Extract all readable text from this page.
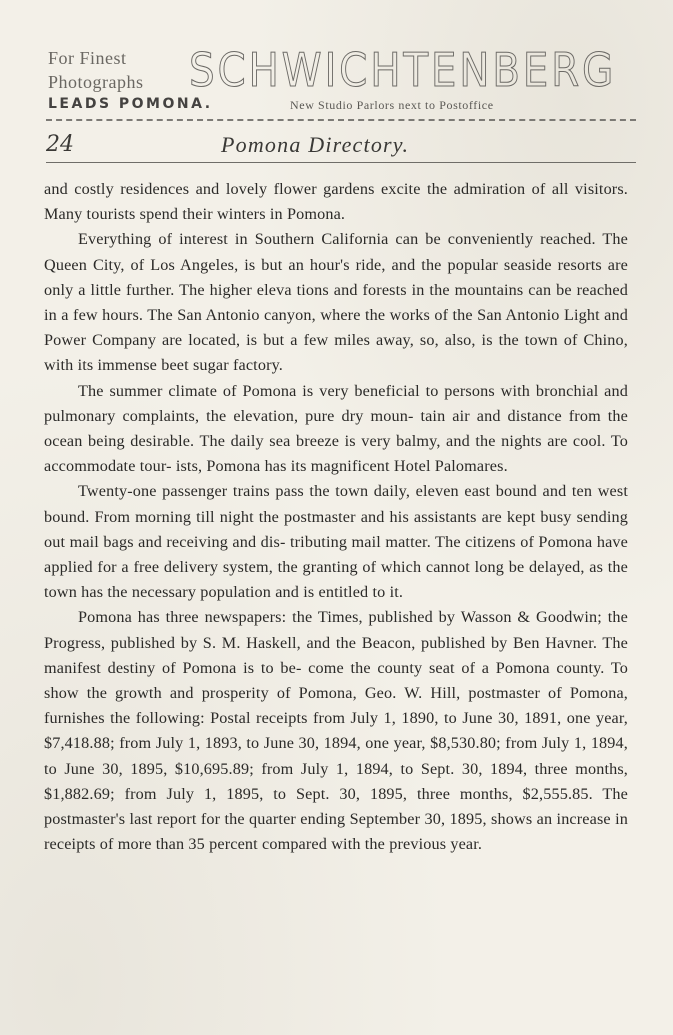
For Finest
Photographs
LEADS POMONA.
SCHWICHTENBERG
New Studio Parlors next to Postoffice
24	Pomona Directory.

and costly residences and lovely flower gardens excite the admiration of all visitors. Many tourists spend their winters in Pomona.

Everything of interest in Southern California can be conveniently reached. The Queen City, of Los Angeles, is but an hour's ride, and the popular seaside resorts are only a little further. The higher eleva tions and forests in the mountains can be reached in a few hours. The San Antonio canyon, where the works of the San Antonio Light and Power Company are located, is but a few miles away, so, also, is the town of Chino, with its immense beet sugar factory.

The summer climate of Pomona is very beneficial to persons with bronchial and pulmonary complaints, the elevation, pure dry moun- tain air and distance from the ocean being desirable. The daily sea breeze is very balmy, and the nights are cool. To accommodate tour- ists, Pomona has its magnificent Hotel Palomares.

Twenty-one passenger trains pass the town daily, eleven east bound and ten west bound. From morning till night the postmaster and his assistants are kept busy sending out mail bags and receiving and dis- tributing mail matter. The citizens of Pomona have applied for a free delivery system, the granting of which cannot long be delayed, as the town has the necessary population and is entitled to it.

Pomona has three newspapers: the Times, published by Wasson & Goodwin; the Progress, published by S. M. Haskell, and the Beacon, published by Ben Havner. The manifest destiny of Pomona is to be- come the county seat of a Pomona county. To show the growth and prosperity of Pomona, Geo. W. Hill, postmaster of Pomona, furnishes the following: Postal receipts from July 1, 1890, to June 30, 1891, one year, $7,418.88; from July 1, 1893, to June 30, 1894, one year, $8,530.80; from July 1, 1894, to June 30, 1895, $10,695.89; from July 1, 1894, to Sept. 30, 1894, three months, $1,882.69; from July 1, 1895, to Sept. 30, 1895, three months, $2,555.85. The postmaster's last report for the quarter ending September 30, 1895, shows an increase in receipts of more than 35 percent compared with the previous year.
